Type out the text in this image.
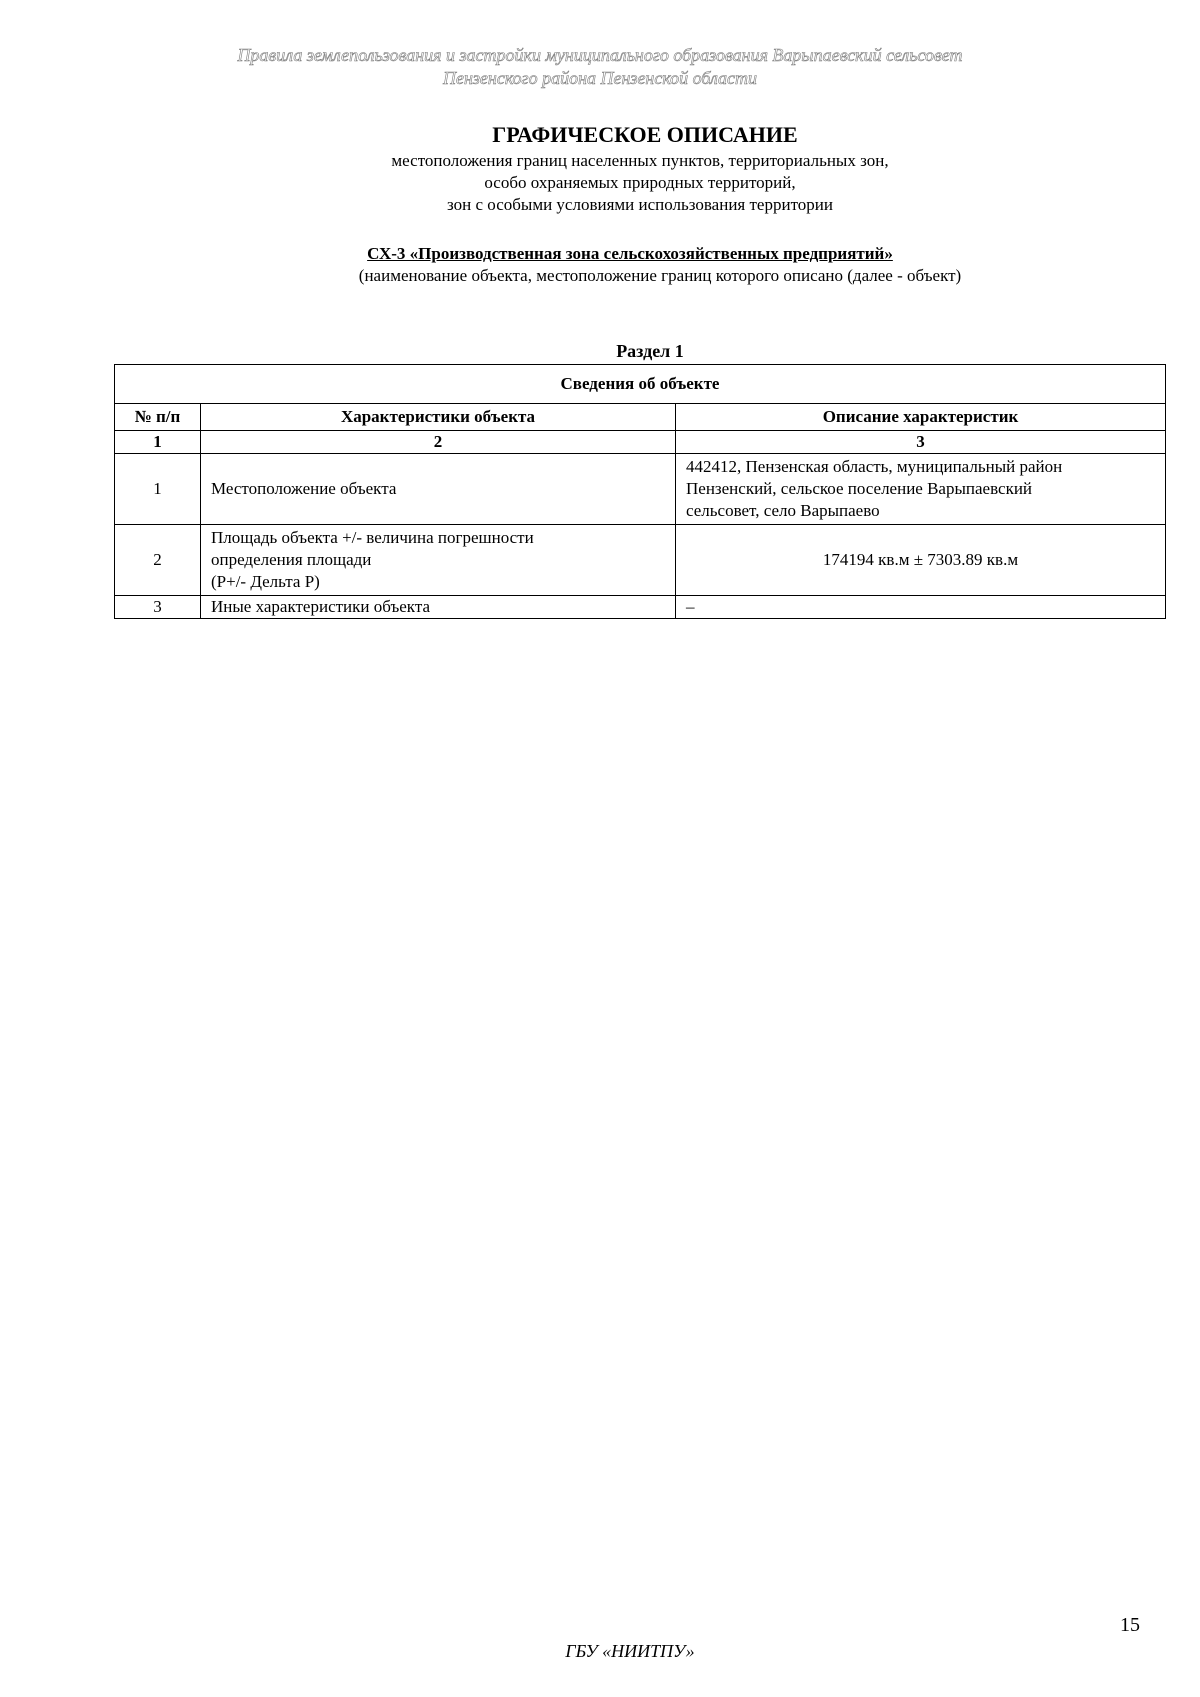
Правила землепользования и застройки муниципального образования Варыпаевский сельсовет
Пензенского района Пензенской области
ГРАФИЧЕСКОЕ ОПИСАНИЕ
местоположения границ населенных пунктов, территориальных зон,
особо охраняемых природных территорий,
зон с особыми условиями использования территории
СХ-3 «Производственная зона сельскохозяйственных предприятий»
(наименование объекта, местоположение границ которого описано (далее - объект)
Раздел 1
Сведения об объекте		
№ п/п	Характеристики объекта	Описание характеристик
1	2	3
1	Местоположение объекта	442412, Пензенская область, муниципальный район
Пензенский, сельское поселение Варыпаевский
сельсовет, село Варыпаево

2	Площадь объекта +/- величина погрешности
определения площади
(P+/- Дельта P)	174194 кв.м ± 7303.89 кв.м
3	Иные характеристики объекта	–
15
ГБУ «НИИТПУ»
